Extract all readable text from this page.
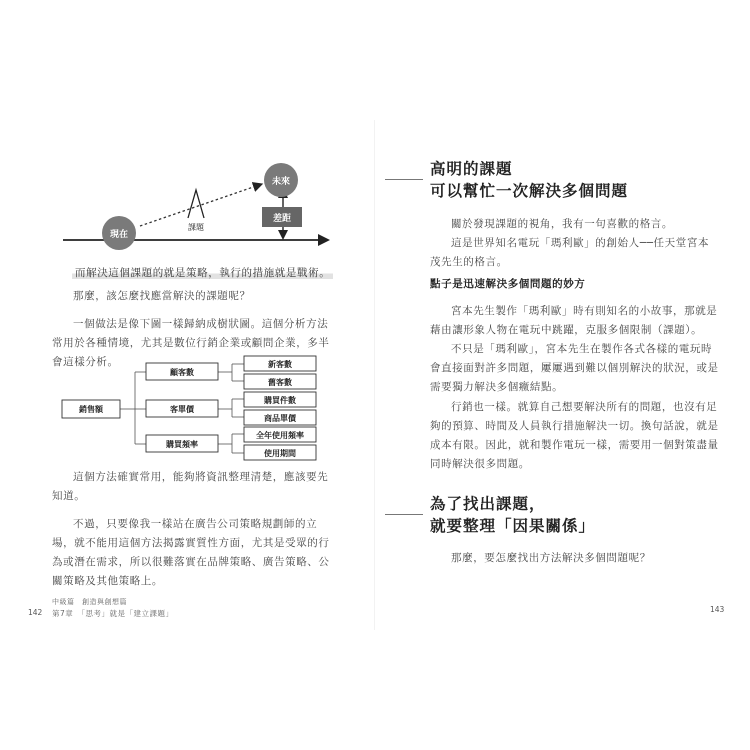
差距
現在
未來
課題
而解決這個課題的就是策略，執行的措施就是戰術。

那麼，該怎麼找應當解決的課題呢？

一個做法是像下圖一樣歸納成樹狀圖。這個分析方法常用於各種情境，尤其是數位行銷企業或顧問企業，多半會這樣分析。

銷售額
顧客數
客單價
購買頻率
新客數
舊客數
購買件數
商品單價
全年使用頻率
使用期間

這個方法確實常用，能夠將資訊整理清楚，應該要先知道。

不過，只要像我一樣站在廣告公司策略規劃師的立場，就不能用這個方法揭露實質性方面，尤其是受眾的行為或潛在需求，所以很難落實在品牌策略、廣告策略、公關策略及其他策略上。

中級篇　創造與創想篇
142 第7章　「思考」就是「建立課題」
高明的課題
可以幫忙一次解決多個問題

關於發現課題的視角，我有一句喜歡的格言。

這是世界知名電玩「瑪利歐」的創始人──任天堂宮本茂先生的格言。

點子是迅速解決多個問題的妙方

宮本先生製作「瑪利歐」時有則知名的小故事，那就是藉由讓形象人物在電玩中跳躍，克服多個限制（課題）。

不只是「瑪利歐」，宮本先生在製作各式各樣的電玩時會直接面對許多問題，屢屢遇到難以個別解決的狀況，或是需要獨力解決多個癥結點。

行銷也一樣。就算自己想要解決所有的問題，也沒有足夠的預算、時間及人員執行措施解決一切。換句話說，就是成本有限。因此，就和製作電玩一樣，需要用一個對策盡量同時解決很多問題。

為了找出課題，
就要整理「因果關係」

那麼，要怎麼找出方法解決多個問題呢？

143
